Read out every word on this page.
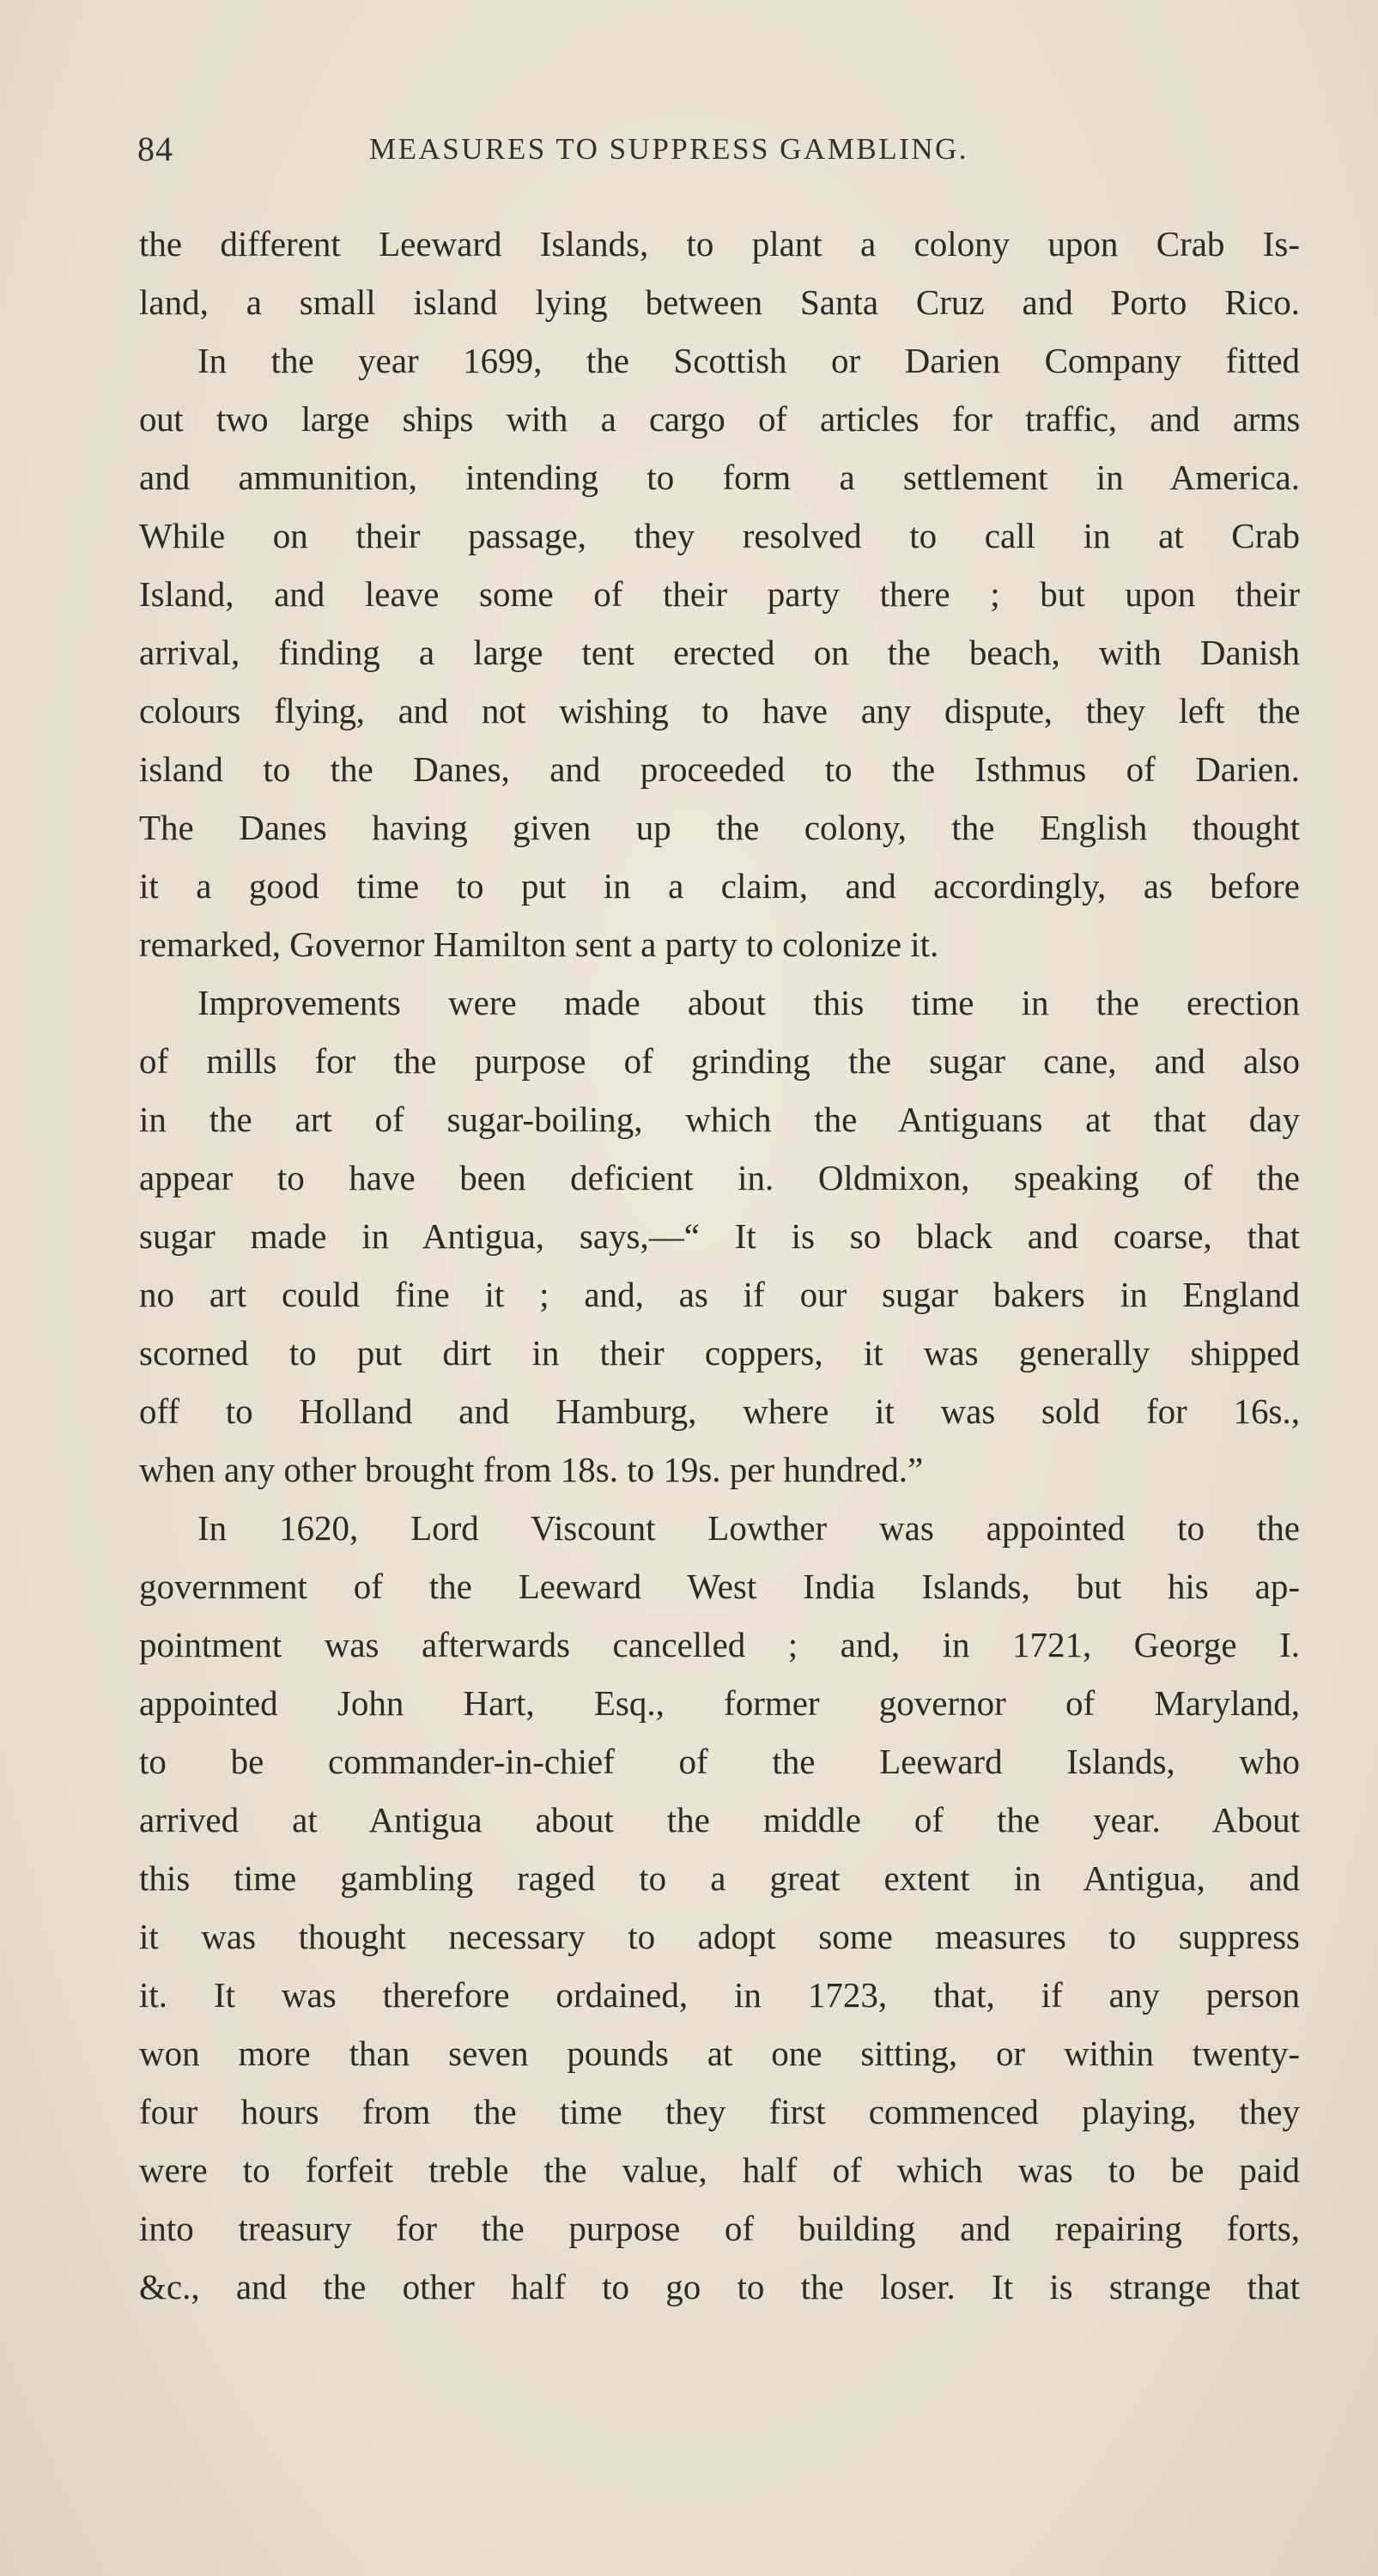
84	MEASURES TO SUPPRESS GAMBLING.
the different Leeward Islands, to plant a colony upon Crab Is-
land, a small island lying between Santa Cruz and Porto Rico.
In the year 1699, the Scottish or Darien Company fitted
out two large ships with a cargo of articles for traffic, and arms
and ammunition, intending to form a settlement in America.
While on their passage, they resolved to call in at Crab
Island, and leave some of their party there ; but upon their
arrival, finding a large tent erected on the beach, with Danish
colours flying, and not wishing to have any dispute, they left the
island to the Danes, and proceeded to the Isthmus of Darien.
The Danes having given up the colony, the English thought
it a good time to put in a claim, and accordingly, as before
remarked, Governor Hamilton sent a party to colonize it.
Improvements were made about this time in the erection
of mills for the purpose of grinding the sugar cane, and also
in the art of sugar-boiling, which the Antiguans at that day
appear to have been deficient in. Oldmixon, speaking of the
sugar made in Antigua, says,—“ It is so black and coarse, that
no art could fine it ; and, as if our sugar bakers in England
scorned to put dirt in their coppers, it was generally shipped
off to Holland and Hamburg, where it was sold for 16s.,
when any other brought from 18s. to 19s. per hundred.”
In 1620, Lord Viscount Lowther was appointed to the
government of the Leeward West India Islands, but his ap-
pointment was afterwards cancelled ; and, in 1721, George I.
appointed John Hart, Esq., former governor of Maryland,
to be commander-in-chief of the Leeward Islands, who
arrived at Antigua about the middle of the year. About
this time gambling raged to a great extent in Antigua, and
it was thought necessary to adopt some measures to suppress
it. It was therefore ordained, in 1723, that, if any person
won more than seven pounds at one sitting, or within twenty-
four hours from the time they first commenced playing, they
were to forfeit treble the value, half of which was to be paid
into treasury for the purpose of building and repairing forts,
&c., and the other half to go to the loser. It is strange that
